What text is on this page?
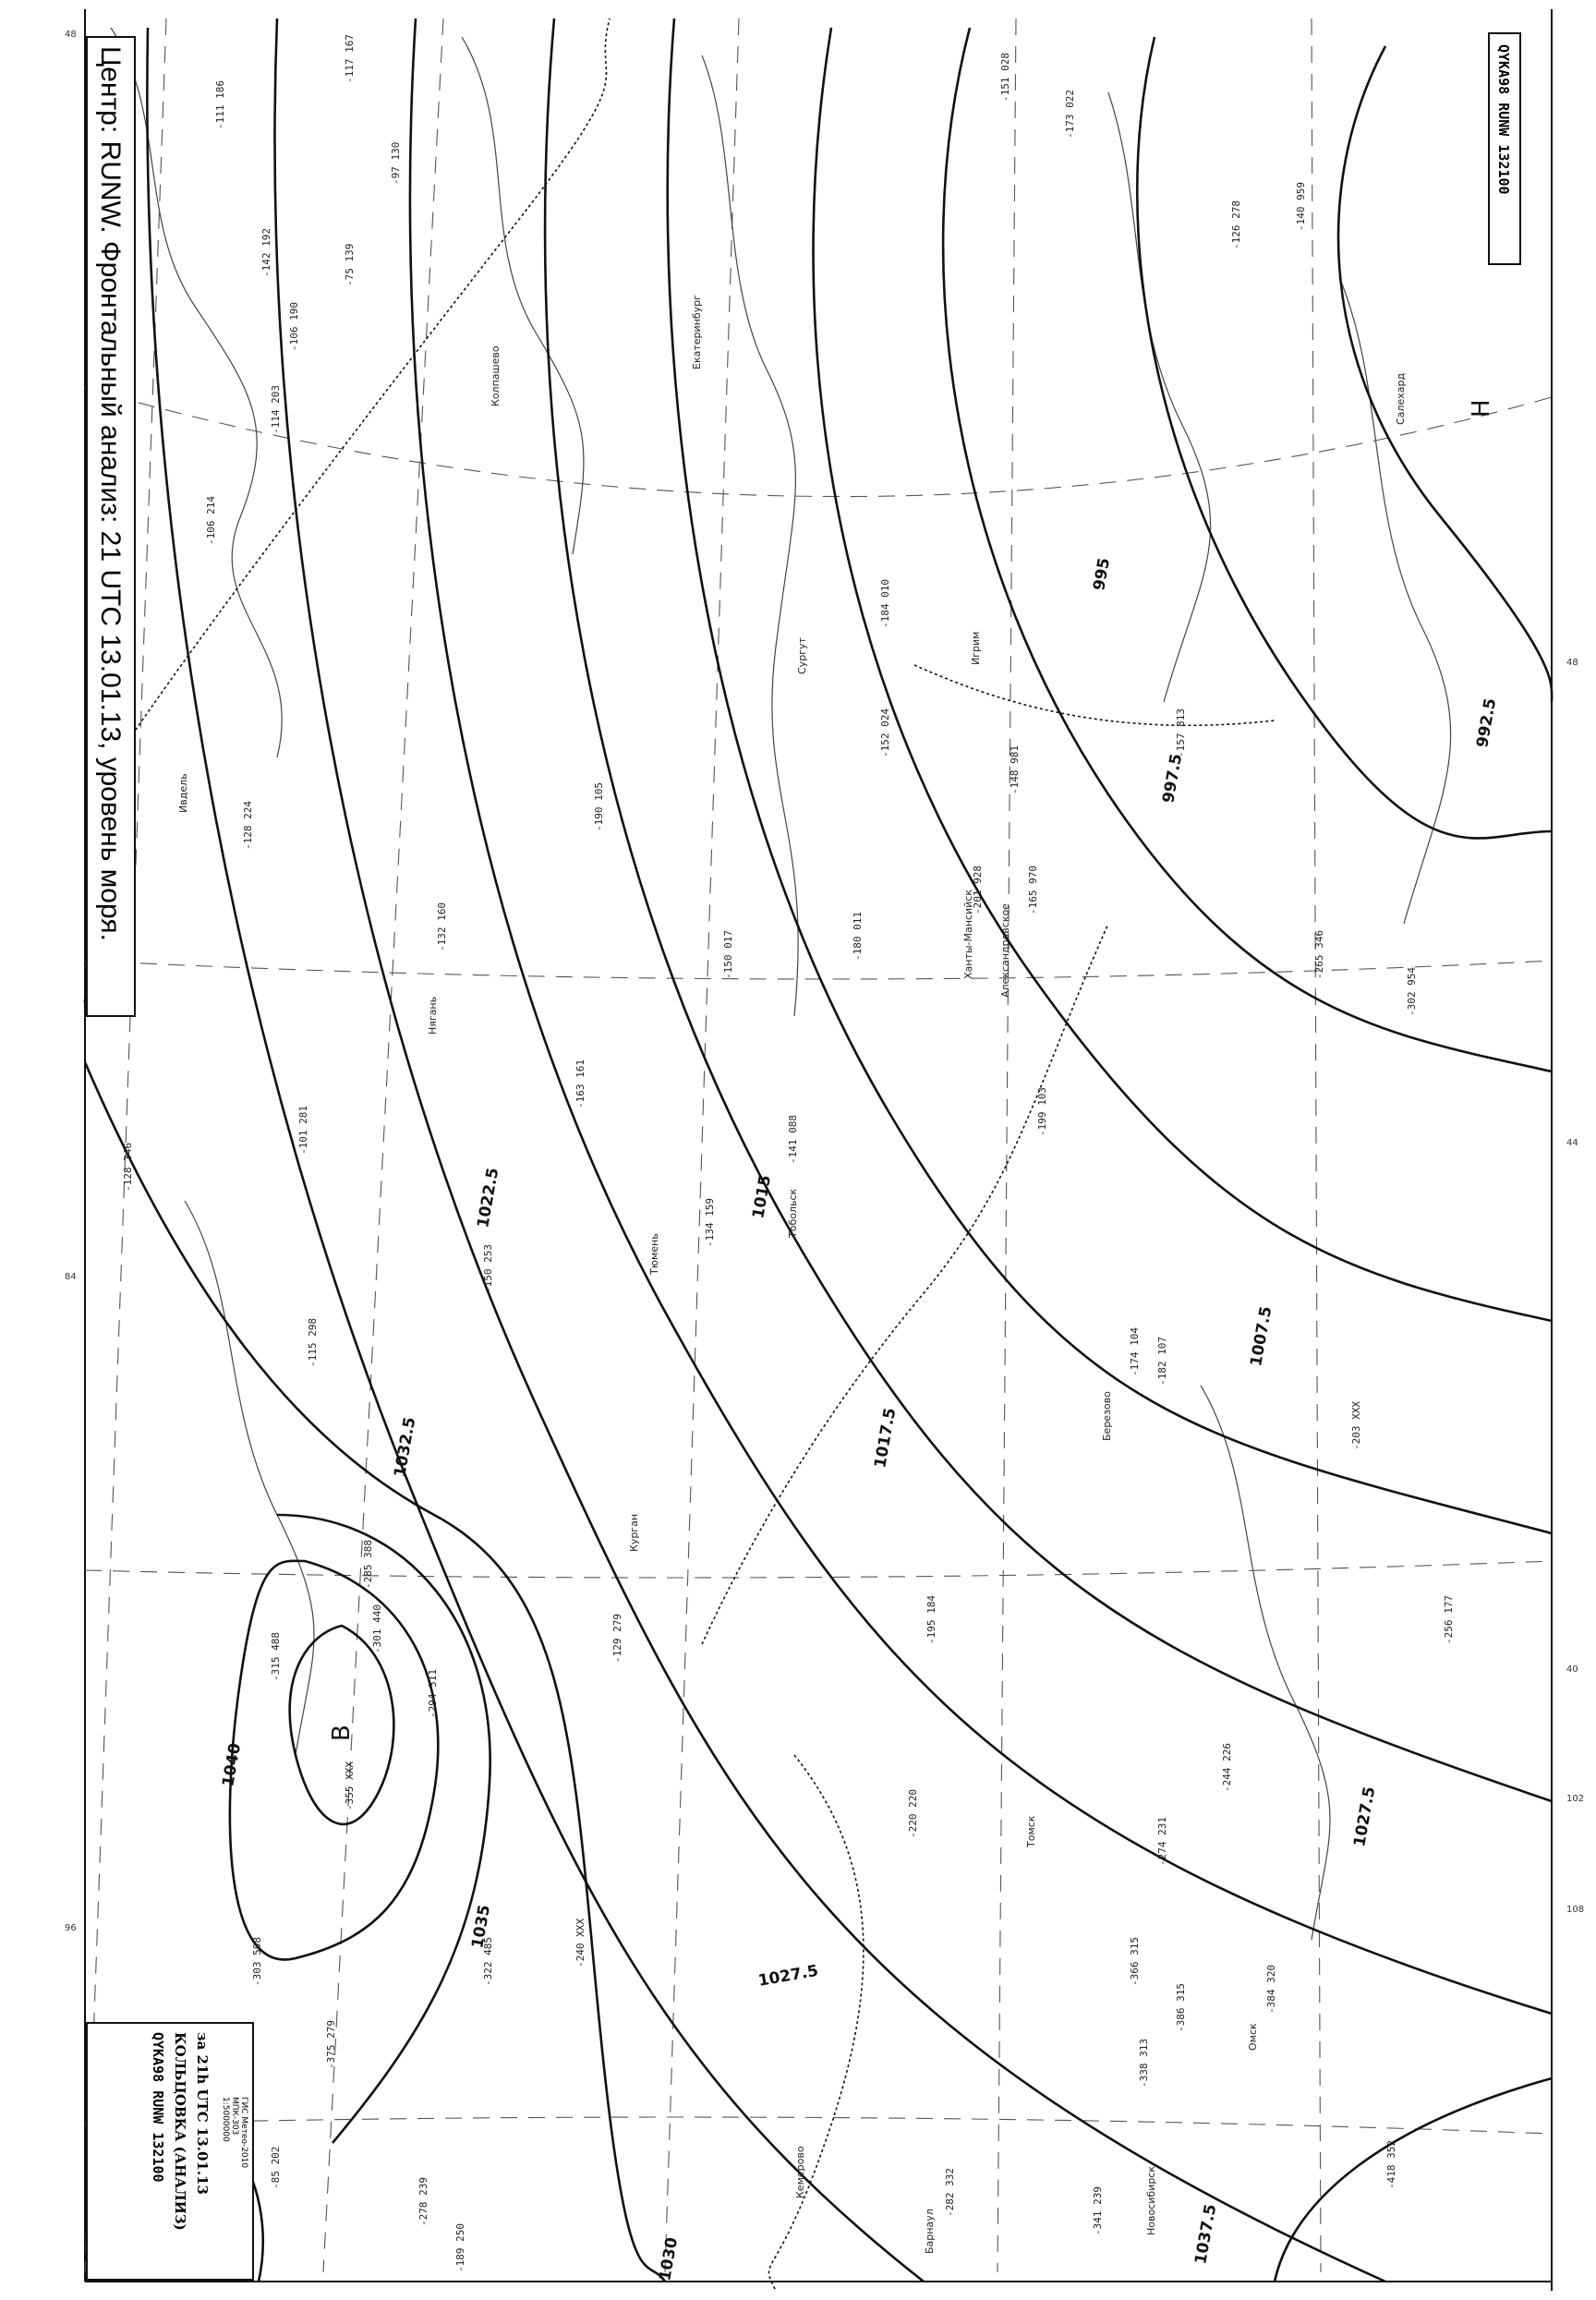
992.5
997.5
1007.5
1015
1017.5
1022.5
1027.5
1032.5
1035
1037.5
1040
995
1027.5
1030
В
Н
Ханты-Мансийск Александровское
Салехард
Сургут
Тобольск
Екатеринбург
Березово
Нягань
Тюмень
Курган
Омск
Томск
Новосибирск
Барнаул
Кемерово
Колпашево
Игрим
Ивдель
-140 959
-173 022
-151 028
-126 278
-157 813
-148 981
-165 970
-174 104
-256 177
-366 315
-384 320
-418 352
-302 954
-265 346
-182 107
-195 184
-220 220
-274 231
-129 279
-150 253
-134 159
-141 088
-199 103
-163 161
-115 298
-101 281
-128 346
-285 388
-301 440
-315 488
-355 XXX
-294 311
-375 279
-303 508	-240 XXX
-322 485
-85 202
-278 239
-189 250
-201 928
-203 XXX
-244 226
-386 315
-338 313
-341 239
-282 332
-180 011
-152 024
-150 017
-184 010
-190 105
-132 160
-128 224
-106 214
-114 203
-106 190
-142 192
-111 186
-117 167
-75 139
-97 130
48
44
40
84
96
102
108
48
QYKA98 RUNW 132100
Центр: RUNW. Фронтальный анализ: 21 UTC 13.01.13, уровень моря.
QYKA98 RUNW 132100 КОЛЬЦОВКА (АНАЛИЗ) за 21h UTC 13.01.13	ГИС Метео-2010
МПК-303
1:5000000
